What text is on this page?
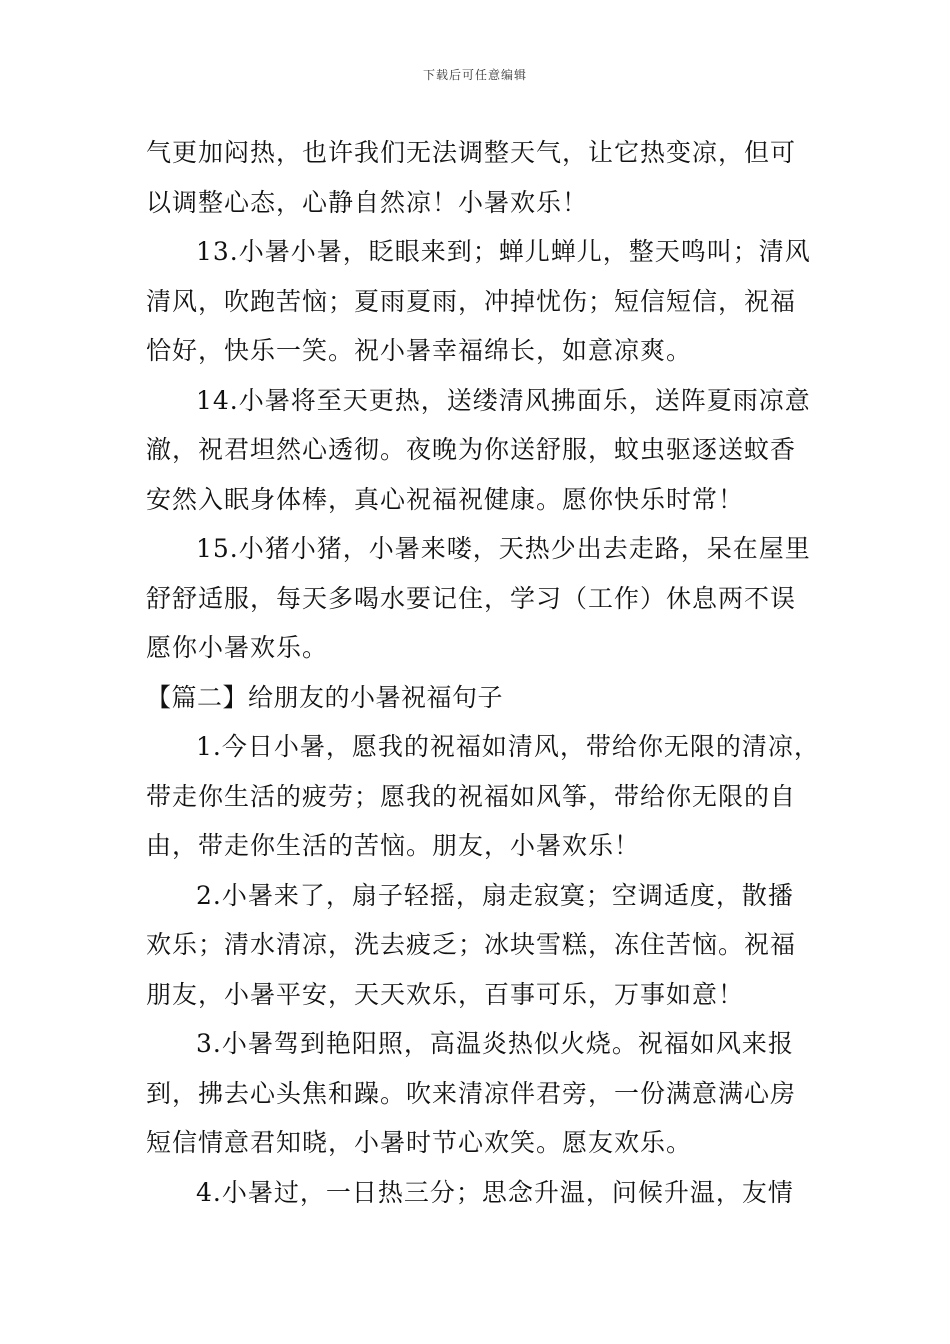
下载后可任意编辑
气更加闷热，也许我们无法调整天气，让它热变凉，但可
以调整心态，心静自然凉！小暑欢乐！
13.小暑小暑，眨眼来到；蝉儿蝉儿，整天鸣叫；清风
清风，吹跑苦恼；夏雨夏雨，冲掉忧伤；短信短信，祝福
恰好，快乐一笑。祝小暑幸福绵长，如意凉爽。
14.小暑将至天更热，送缕清风拂面乐，送阵夏雨凉意
澈，祝君坦然心透彻。夜晚为你送舒服，蚊虫驱逐送蚊香
安然入眠身体棒，真心祝福祝健康。愿你快乐时常！
15.小猪小猪，小暑来喽，天热少出去走路，呆在屋里
舒舒适服，每天多喝水要记住，学习（工作）休息两不误
愿你小暑欢乐。
【篇二】给朋友的小暑祝福句子
1.今日小暑，愿我的祝福如清风，带给你无限的清凉，
带走你生活的疲劳；愿我的祝福如风筝，带给你无限的自
由，带走你生活的苦恼。朋友，小暑欢乐！
2.小暑来了，扇子轻摇，扇走寂寞；空调适度，散播
欢乐；清水清凉，洗去疲乏；冰块雪糕，冻住苦恼。祝福
朋友，小暑平安，天天欢乐，百事可乐，万事如意！
3.小暑驾到艳阳照，高温炎热似火烧。祝福如风来报
到，拂去心头焦和躁。吹来清凉伴君旁，一份满意满心房
短信情意君知晓，小暑时节心欢笑。愿友欢乐。
4.小暑过，一日热三分；思念升温，问候升温，友情
